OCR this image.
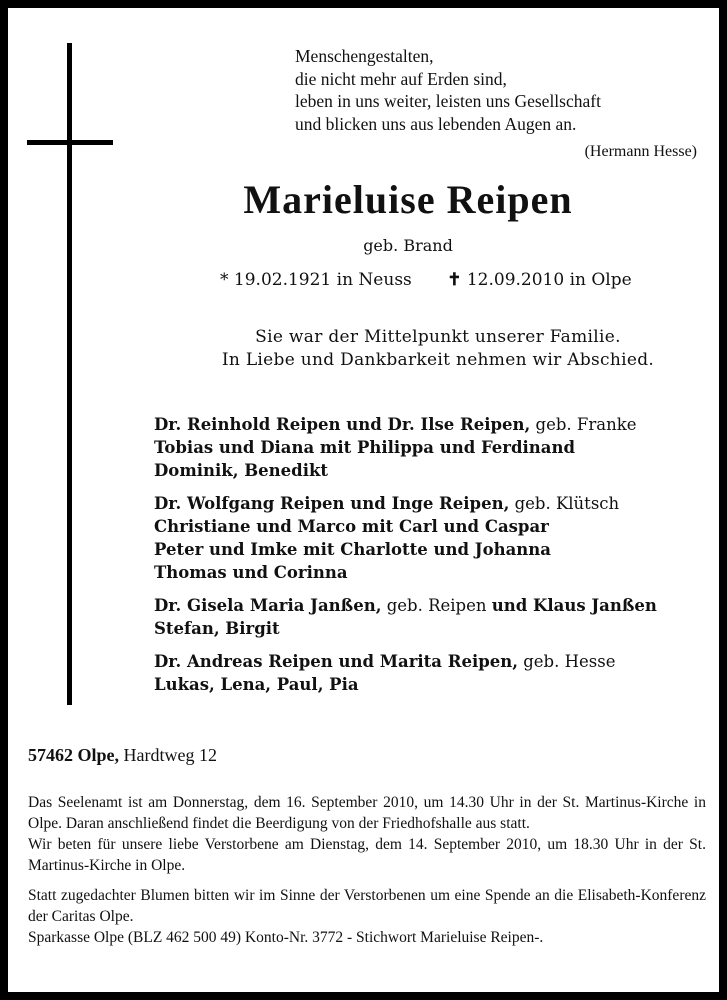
Menschengestalten,
die nicht mehr auf Erden sind,
leben in uns weiter, leisten uns Gesellschaft
und blicken uns aus lebenden Augen an.
(Hermann Hesse)
Marieluise Reipen
geb. Brand
* 19.02.1921 in Neuss ✝ 12.09.2010 in Olpe
Sie war der Mittelpunkt unserer Familie.
In Liebe und Dankbarkeit nehmen wir Abschied.
Dr. Reinhold Reipen und Dr. Ilse Reipen, geb. Franke
Tobias und Diana mit Philippa und Ferdinand
Dominik, Benedikt
Dr. Wolfgang Reipen und Inge Reipen, geb. Klütsch
Christiane und Marco mit Carl und Caspar
Peter und Imke mit Charlotte und Johanna
Thomas und Corinna
Dr. Gisela Maria Janßen, geb. Reipen und Klaus Janßen
Stefan, Birgit
Dr. Andreas Reipen und Marita Reipen, geb. Hesse
Lukas, Lena, Paul, Pia
57462 Olpe, Hardtweg 12

Das Seelenamt ist am Donnerstag, dem 16. September 2010, um 14.30 Uhr in der St. Martinus-Kirche in Olpe. Daran anschließend findet die Beerdigung von der Friedhofshalle aus statt.

Wir beten für unsere liebe Verstorbene am Dienstag, dem 14. September 2010, um 18.30 Uhr in der St. Martinus-Kirche in Olpe.

Statt zugedachter Blumen bitten wir im Sinne der Verstorbenen um eine Spende an die Elisabeth-Konferenz der Caritas Olpe.

Sparkasse Olpe (BLZ 462 500 49) Konto-Nr. 3772 - Stichwort Marieluise Reipen-.
